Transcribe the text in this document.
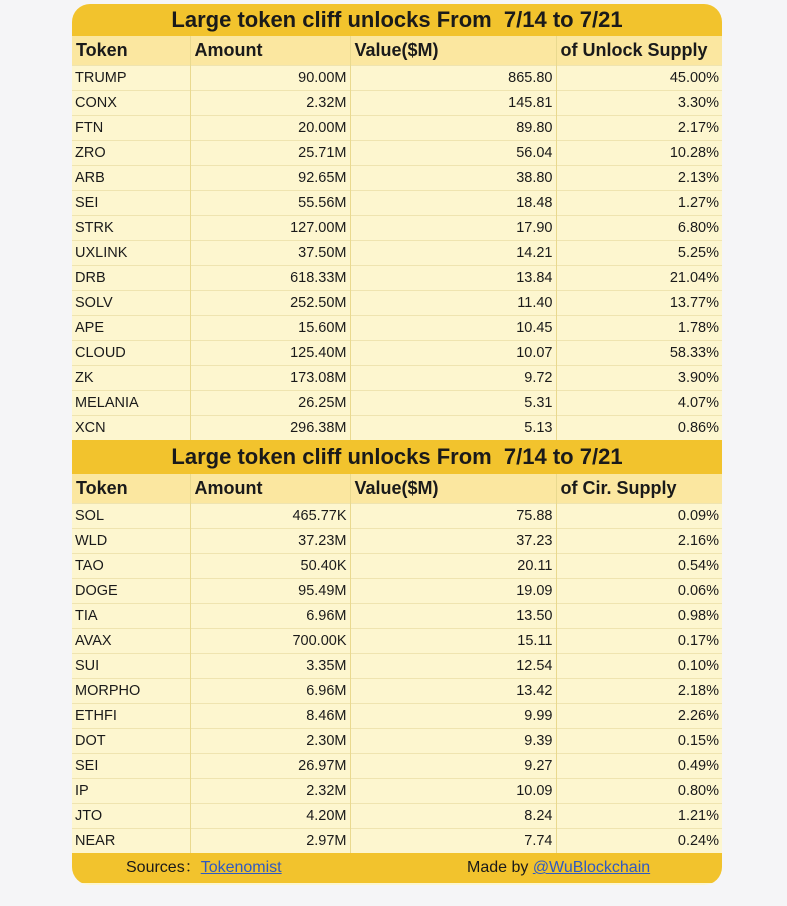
Large token cliff unlocks From  7/14 to 7/21
Token	Amount	Value($M)	of Unlock Supply
TRUMP	90.00M	865.80	45.00%
CONX	2.32M	145.81	3.30%
FTN	20.00M	89.80	2.17%
ZRO	25.71M	56.04	10.28%
ARB	92.65M	38.80	2.13%
SEI	55.56M	18.48	1.27%
STRK	127.00M	17.90	6.80%
UXLINK	37.50M	14.21	5.25%
DRB	618.33M	13.84	21.04%
SOLV	252.50M	11.40	13.77%
APE	15.60M	10.45	1.78%
CLOUD	125.40M	10.07	58.33%
ZK	173.08M	9.72	3.90%
MELANIA	26.25M	5.31	4.07%
XCN	296.38M	5.13	0.86%
Large token cliff unlocks From  7/14 to 7/21
Token	Amount	Value($M)	of Cir. Supply
SOL	465.77K	75.88	0.09%
WLD	37.23M	37.23	2.16%
TAO	50.40K	20.11	0.54%
DOGE	95.49M	19.09	0.06%
TIA	6.96M	13.50	0.98%
AVAX	700.00K	15.11	0.17%
SUI	3.35M	12.54	0.10%
MORPHO	6.96M	13.42	2.18%
ETHFI	8.46M	9.99	2.26%
DOT	2.30M	9.39	0.15%
SEI	26.97M	9.27	0.49%
IP	2.32M	10.09	0.80%
JTO	4.20M	8.24	1.21%
NEAR	2.97M	7.74	0.24%
Sources：Tokenomist	Made by @WuBlockchain
